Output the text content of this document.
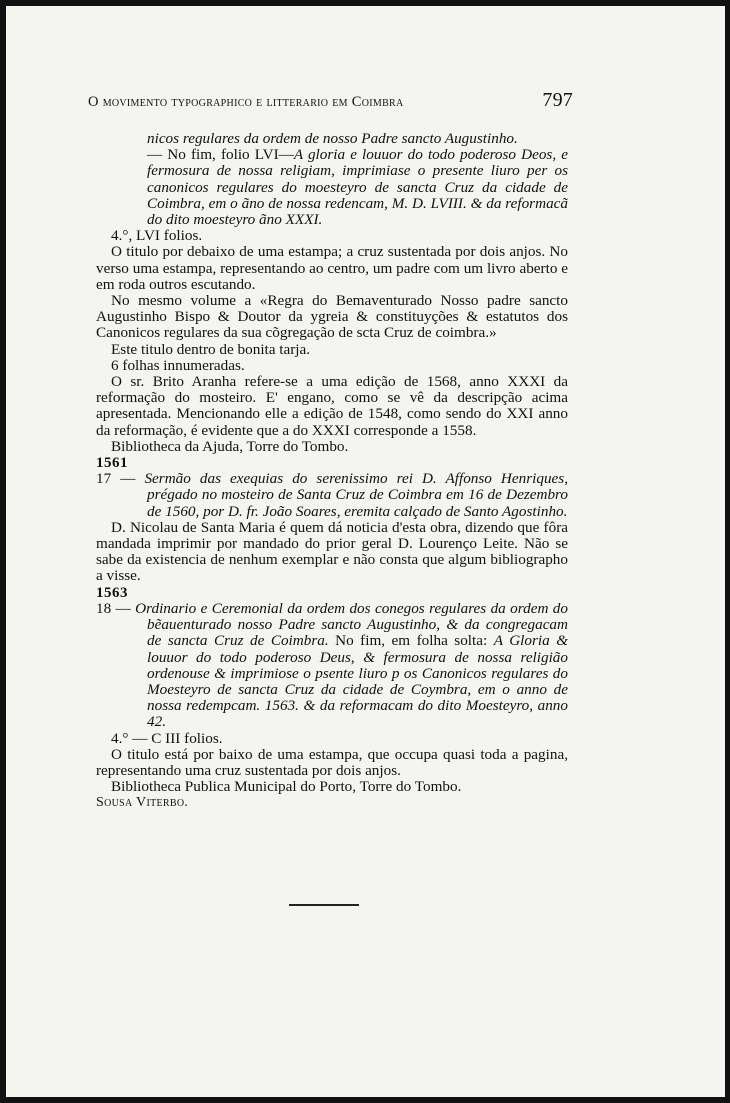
O movimento typographico e litterario em Coimbra	797

nicos regulares da ordem de nosso Padre sancto Augustinho.

— No fim, folio LVI—A gloria e louuor do todo poderoso Deos, e fermosura de nossa religiam, imprimiase o presente liuro per os canonicos regulares do moesteyro de sancta Cruz da cidade de Coimbra, em o ãno de nossa redencam, M. D. LVIII. & da reformacã do dito moesteyro ãno XXXI.

4.°, LVI folios.

O titulo por debaixo de uma estampa; a cruz sustentada por dois anjos. No verso uma estampa, representando ao centro, um padre com um livro aberto e em roda outros escutando.

No mesmo volume a «Regra do Bemaventurado Nosso padre sancto Augustinho Bispo & Doutor da ygreia & constituyções & estatutos dos Canonicos regulares da sua cõgregação de scta Cruz de coimbra.»

Este titulo dentro de bonita tarja.

6 folhas innumeradas.

O sr. Brito Aranha refere-se a uma edição de 1568, anno XXXI da reformação do mosteiro. E' engano, como se vê da descripção acima apresentada. Mencionando elle a edição de 1548, como sendo do XXI anno da reformação, é evidente que a do XXXI corresponde a 1558.

Bibliotheca da Ajuda, Torre do Tombo.

1561

17 — Sermão das exequias do serenissimo rei D. Affonso Henriques, prégado no mosteiro de Santa Cruz de Coimbra em 16 de Dezembro de 1560, por D. fr. João Soares, eremita calçado de Santo Agostinho.

D. Nicolau de Santa Maria é quem dá noticia d'esta obra, dizendo que fôra mandada imprimir por mandado do prior geral D. Lourenço Leite. Não se sabe da existencia de nenhum exemplar e não consta que algum bibliographo a visse.

1563

18 — Ordinario e Ceremonial da ordem dos conegos regulares da ordem do bẽauenturado nosso Padre sancto Augustinho, & da congregacam de sancta Cruz de Coimbra. No fim, em folha solta: A Gloria & louuor do todo poderoso Deus, & fermosura de nossa religião ordenouse & imprimiose o psente liuro p os Canonicos regulares do Moesteyro de sancta Cruz da cidade de Coymbra, em o anno de nossa redempcam. 1563. & da reformacam do dito Moesteyro, anno 42.

4.° — C III folios.

O titulo está por baixo de uma estampa, que occupa quasi toda a pagina, representando uma cruz sustentada por dois anjos.

Bibliotheca Publica Municipal do Porto, Torre do Tombo.

Sousa Viterbo.
